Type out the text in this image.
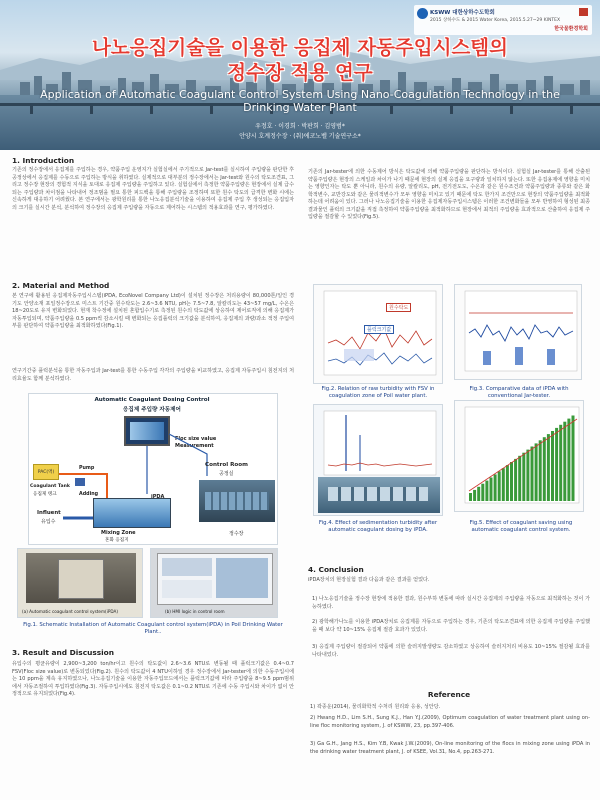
KSWW 대한상하수도학회
2015 상하수도 & 2015 Water Korea, 2015.5.27~29 KINTEX
한국물환경학회
나노응집기술을 이용한 응집제 자동주입시스템의
정수장 적용 연구
Application of Automatic Coagulant Control System Using Nano-Coagulation Technology in the Drinking Water Plant
우정호 · 이경희 · 박판희 · 김영범*
안양시 호계정수장 · (취)에코노벨 기술연구소*
1. Introduction
기존의 정수장에서 응집제를 주입하는 경우, 약품주입 운영지가 실험실에서 주기적으로 Jar-test를 실시하여 주입량을 판단한 후 공정상에서 응집제를 수동으로 주입하는 방식을 취하였다. 실제적으로 대부분의 정수장에서는 Jar-test와 원수의 탁도조견표, 그리고 정수장 현장의 경험적 지식을 토대로 응집제 주입량을 주입하고 있다. 실험실에서 측정한 약품주입량은 현장에서 실제 급수되는 주입량과 차이점을 나타내어 정조범을 필요 통한 피드백을 통해 주입량을 조정하며 또한 원수 탁도의 급격한 변화 시에는 신속하게 대응하기 어려웠다. 본 연구에서는 광학원리를 통한 나노응집분석기술을 이용하여 응집제 주입 후 생성되는 응집입자의 크기를 실시간 분석, 분석하여 정수장의 응집제 주입량을 자동으로 제어하는 시스템의 적용효과를 연구, 평가하였다.
2. Material and Method
본 연구에 활용된 응집제자동주입시스템(iPDA, EcoNovel Company Ltd)이 설치된 정수장은 처리용량이 80,000톤/일인 경기도 안양소재 포일정수장으로 미스트 기간중 원수탁도는 2.6~3.6 NTU, pH는 7.5~7.8, 알칼리도는 43~57 mg/L, 수온은 18~20도로 유지 변화되었다. 현재 착수정에 설치된 혼합입수기로 측정된 원수의 탁도값에 상응하여 제어로직에 의해 응집제가 자동투입되며, 약품주입량을 0.5 ppm씩 감소시킬 때 변화되는 응집플럭의 크기값을 분석하여, 응집제의 과량/과소 적정 주입여부를 판단하여 약품주입량을 최적화하였다(Fig.1).
연구기간중 플럭분석을 통한 자동주입과 Jar-test를 통한 수동주입 각각의 주입량을 비교하였고, 응집제 자동주입시 침전지의 처리효율도 함께 분석하였다.
Automatic Coagulant Dosing Control
응집제 주입량 자동제어
Floc size value
Measurement
PAC(액)
Coagulant Tank
응집제 탱크
Pump
Adding
Mixing Zone
혼화 응집지
iPDA
Influent
유입수
Control Room
공정실
정수장
(a) Automatic coagulant control system(iPDA)	(b) HMI logic in control room
Fig.1. Schematic Installation of Automatic Coagulant control system(iPDA) in Poil Drinking Water Plant..
3. Result and Discussion
유입수의 평균유량이 2,900~3,200 ton/hr이고 원수의 탁도값이 2.6~3.6 NTU로 변동될 때 플럭크기값은 0.4~0.7 FSV(Floc size value)로 변동되었다(Fig.2). 원수의 탁도값이 4 NTU이하일 경우 정수장에서 Jar-tester에 의한 수동주입시에는 10 ppm을 계속 유지하였으나, 나노응집기술을 이용한 자동주입모드에서는 플럭크기값에 따라 주입량을 8~9.5 ppm범위에서 자동조절하여 투입하였다(Fig.3). 자동주입시에도 침전지 탁도값은 0.1~0.2 NTU로 기존에 수동 주입시와 차이가 없이 안정적으로 유지되었다(Fig.4).
기존의 Jar-tester에 의한 수동제어 방식은 탁도값에 의해 약품주입량을 판단하는 방식이다. 실험실 Jar-tester를 통해 산출된 약품주입량은 현장의 스케일과 차이가 나기 때문에 현장의 실제 응집을 요구량과 일치하지 않는다. 또한 응집용제에 영향을 미치는 영향인자는 탁도 뿐 아니라, 원수의 유량, 알칼리도, pH, 전기전도도, 수온과 같은 원수조건과 약품주입량과 종류와 같은 화학적변수, 교반강도와 같은 물리적변수가 모두 영향을 미치고 있기 때문에 탁도 한가지 조건만으로 현장의 약품주입량을 최적화하는데 어려움이 있다. 그러나 나노응집기술을 이용한 응집제자동주입시스템은 이러한 조건변화들을 모두 반영하여 형성된 최종 결과물인 플럭의 크기값을 직접 측정하여 약품주입량을 최적화하므로 현장에서 최적의 주입량을 효과적으로 산출하여 응집제 주입량을 절감할 수 있었다(Fig.5).
원수탁도
플럭크기값
Fig.2. Relation of raw turbidity with FSV in coagulation zone of Poil water plant.
Fig.3. Comparative data of iPDA with conventional Jar-tester.
Fig.4. Effect of sedimentation turbidity after automatic coagulant dosing by iPDA.
Fig.5. Effect of coagulant saving using automatic coagulant control system.
4. Conclusion
iPDA장치의 현장실험 결과 다음과 같은 결과를 얻었다.
1) 나노응집기술을 정수장 현장에 적용한 결과, 원수부하 변동에 따라 실시간 응집제의 주입량을 자동으로 최적화하는 것이 가능하였다.
2) 광학해가나노를 이용한 iPDA장치로 응집제를 자동으로 주입하는 경우, 기존의 탁도조견표에 의한 응집제 주입량을 주입했을 때 보다 약 10~15% 응집제 절감 효과가 있었다.
3) 응집제 주입량이 절감되어 약품에 의한 슬러지발생량도 감소하였고 상응하여 슬러지처리 비용도 10~15% 절감될 효과를 나타내었다.
Reference
1) 곽종운(2014), 물리화학적 수처리 원리와 응용, 성안당.
2) Hwang H.D., Lim S.H., Sung K.J., Han Y.J.(2009), Optimum coagulation of water treatment plant using on-line floc monitoring system, J. of KSWW, 23, pp.397-406.
3) Ga G.H., Jang H.S., Kim Y.B, Kwak J.W.(2009), On-line monitoring of the flocs in mixing zone using iPDA in the drinking water treatment plant, J. of KSEE, Vol.31, No.4, pp.263-271.
